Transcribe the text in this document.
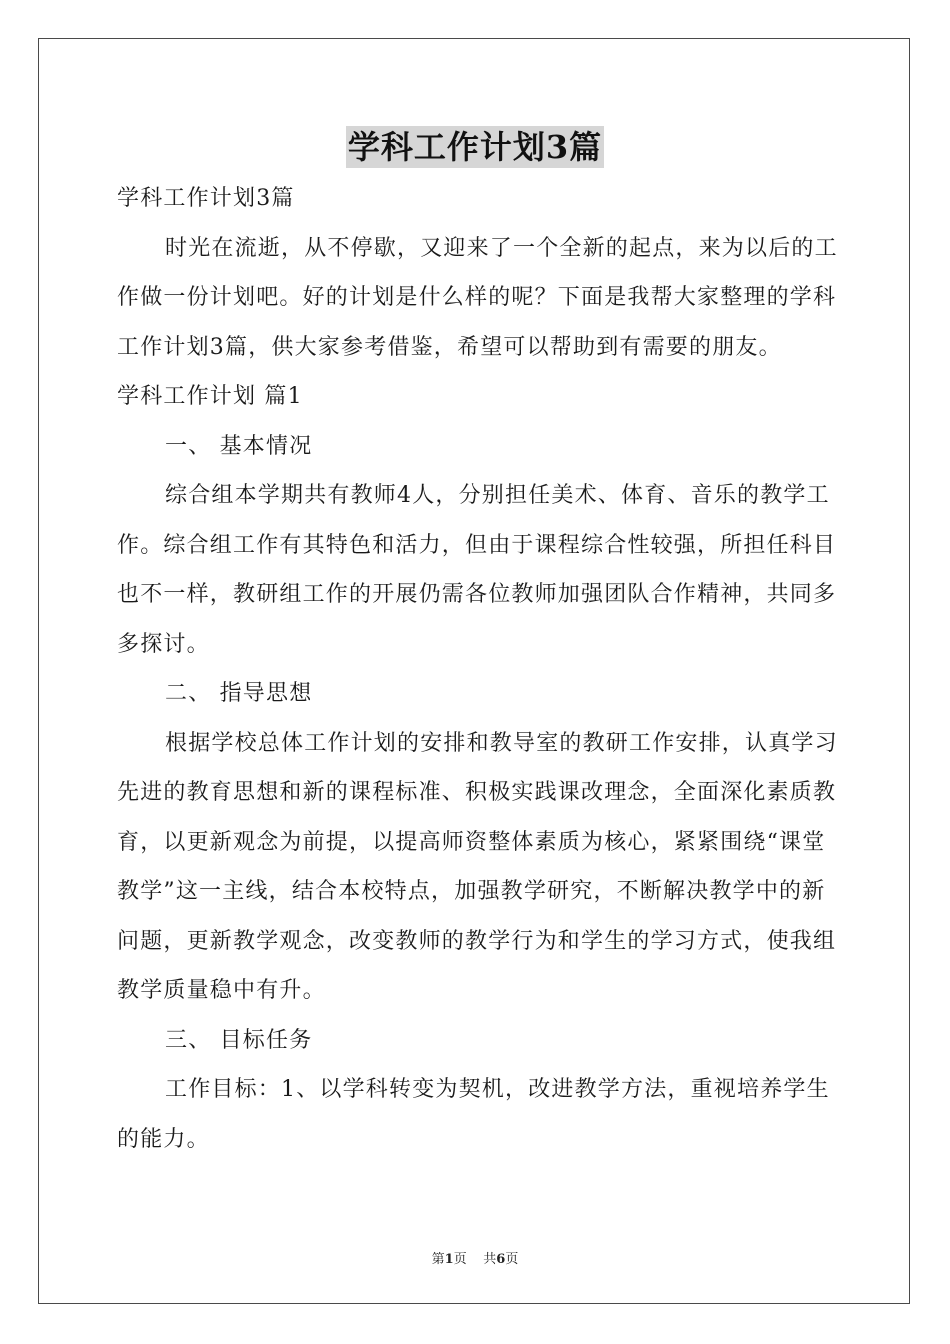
学科工作计划3篇

学科工作计划3篇

时光在流逝，从不停歇，又迎来了一个全新的起点，来为以后的工作做一份计划吧。好的计划是什么样的呢？下面是我帮大家整理的学科工作计划3篇，供大家参考借鉴，希望可以帮助到有需要的朋友。

学科工作计划 篇1

一、 基本情况

综合组本学期共有教师4人，分别担任美术、体育、音乐的教学工作。综合组工作有其特色和活力，但由于课程综合性较强，所担任科目也不一样，教研组工作的开展仍需各位教师加强团队合作精神，共同多多探讨。

二、 指导思想

根据学校总体工作计划的安排和教导室的教研工作安排，认真学习先进的教育思想和新的课程标准、积极实践课改理念，全面深化素质教育，以更新观念为前提，以提高师资整体素质为核心，紧紧围绕“课堂教学”这一主线，结合本校特点，加强教学研究，不断解决教学中的新问题，更新教学观念，改变教师的教学行为和学生的学习方式，使我组教学质量稳中有升。

三、 目标任务

工作目标：1、以学科转变为契机，改进教学方法，重视培养学生的能力。

第1页 共6页
